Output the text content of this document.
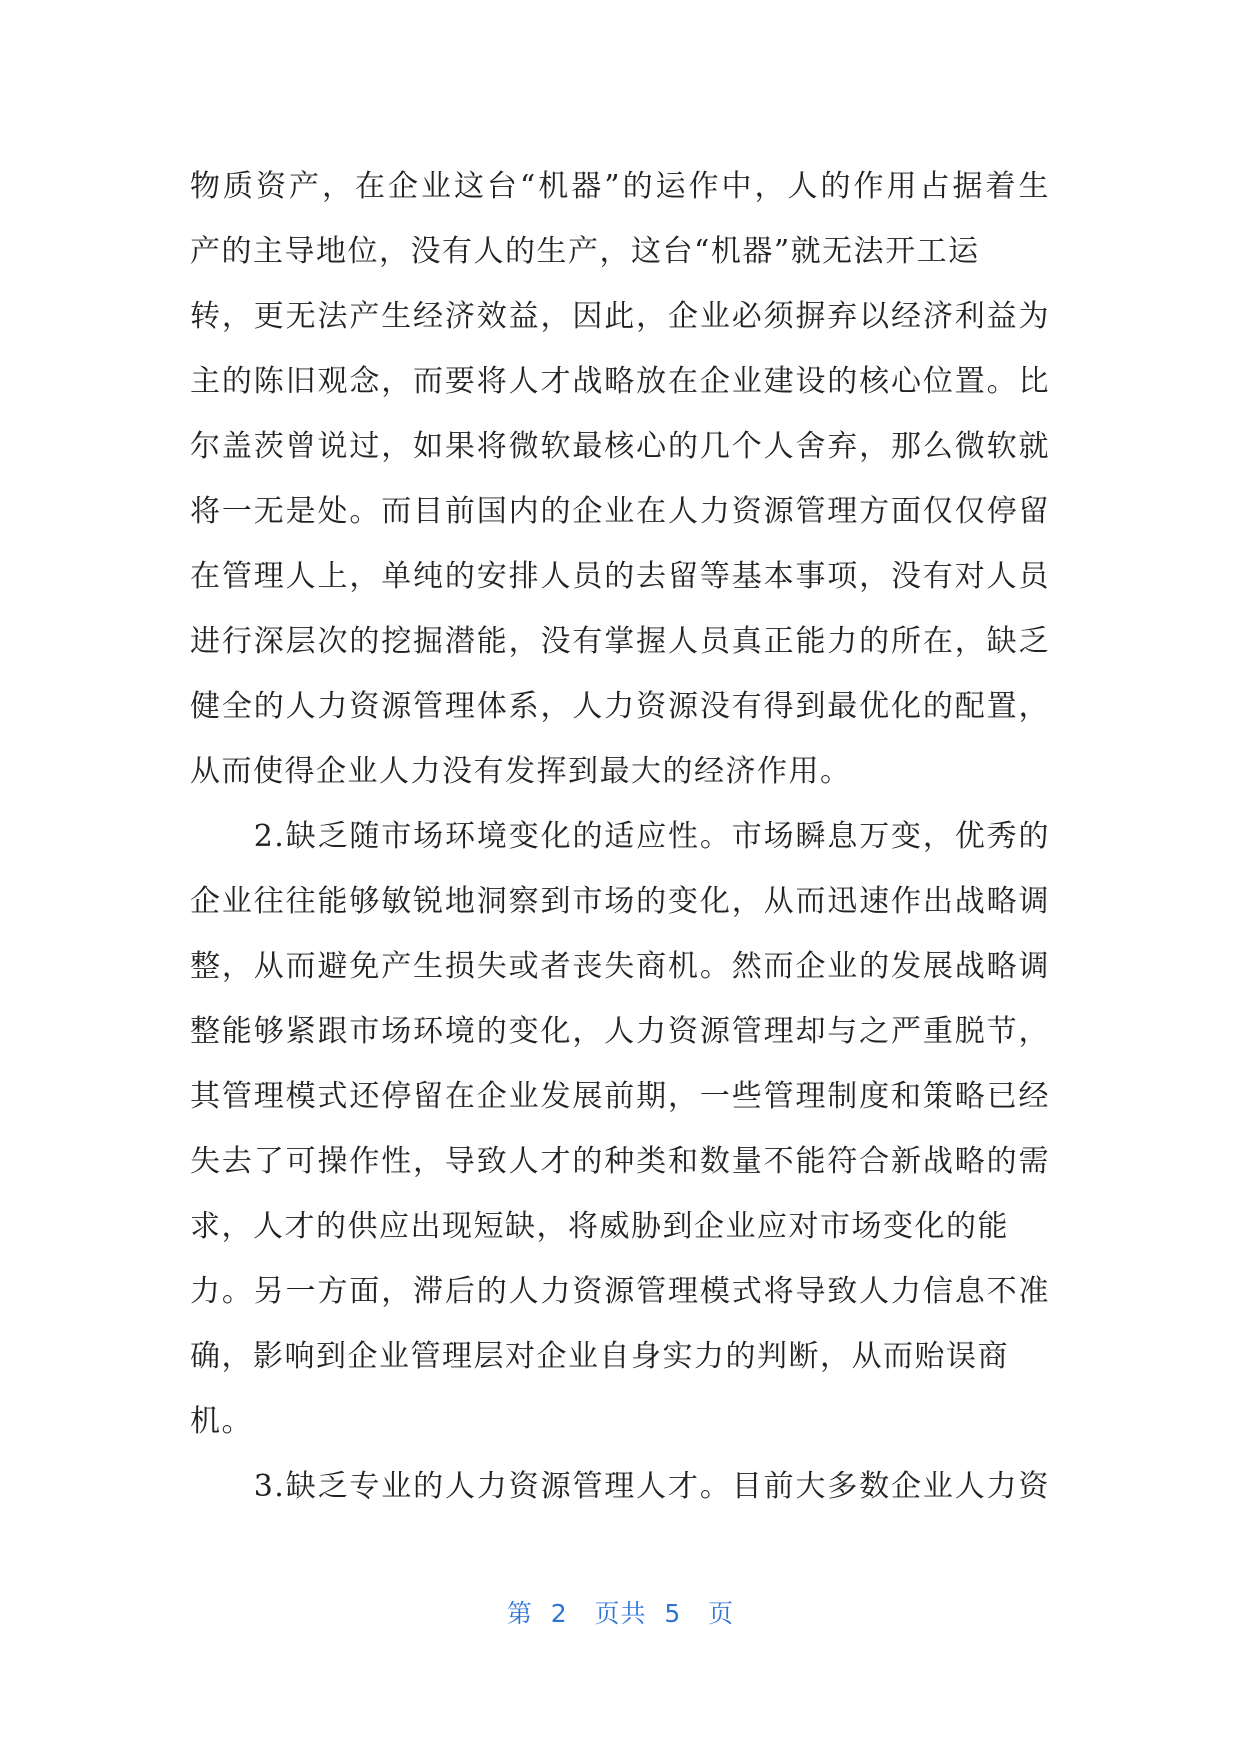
物质资产，在企业这台“机器”的运作中，人的作用占据着生
产的主导地位，没有人的生产，这台“机器”就无法开工运
转，更无法产生经济效益，因此，企业必须摒弃以经济利益为
主的陈旧观念，而要将人才战略放在企业建设的核心位置。比
尔盖茨曾说过，如果将微软最核心的几个人舍弃，那么微软就
将一无是处。而目前国内的企业在人力资源管理方面仅仅停留
在管理人上，单纯的安排人员的去留等基本事项，没有对人员
进行深层次的挖掘潜能，没有掌握人员真正能力的所在，缺乏
健全的人力资源管理体系，人力资源没有得到最优化的配置，
从而使得企业人力没有发挥到最大的经济作用。
　　2.缺乏随市场环境变化的适应性。市场瞬息万变，优秀的
企业往往能够敏锐地洞察到市场的变化，从而迅速作出战略调
整，从而避免产生损失或者丧失商机。然而企业的发展战略调
整能够紧跟市场环境的变化，人力资源管理却与之严重脱节，
其管理模式还停留在企业发展前期，一些管理制度和策略已经
失去了可操作性，导致人才的种类和数量不能符合新战略的需
求，人才的供应出现短缺，将威胁到企业应对市场变化的能
力。另一方面，滞后的人力资源管理模式将导致人力信息不准
确，影响到企业管理层对企业自身实力的判断，从而贻误商
机。
　　3.缺乏专业的人力资源管理人才。目前大多数企业人力资
第 2 页共 5 页
